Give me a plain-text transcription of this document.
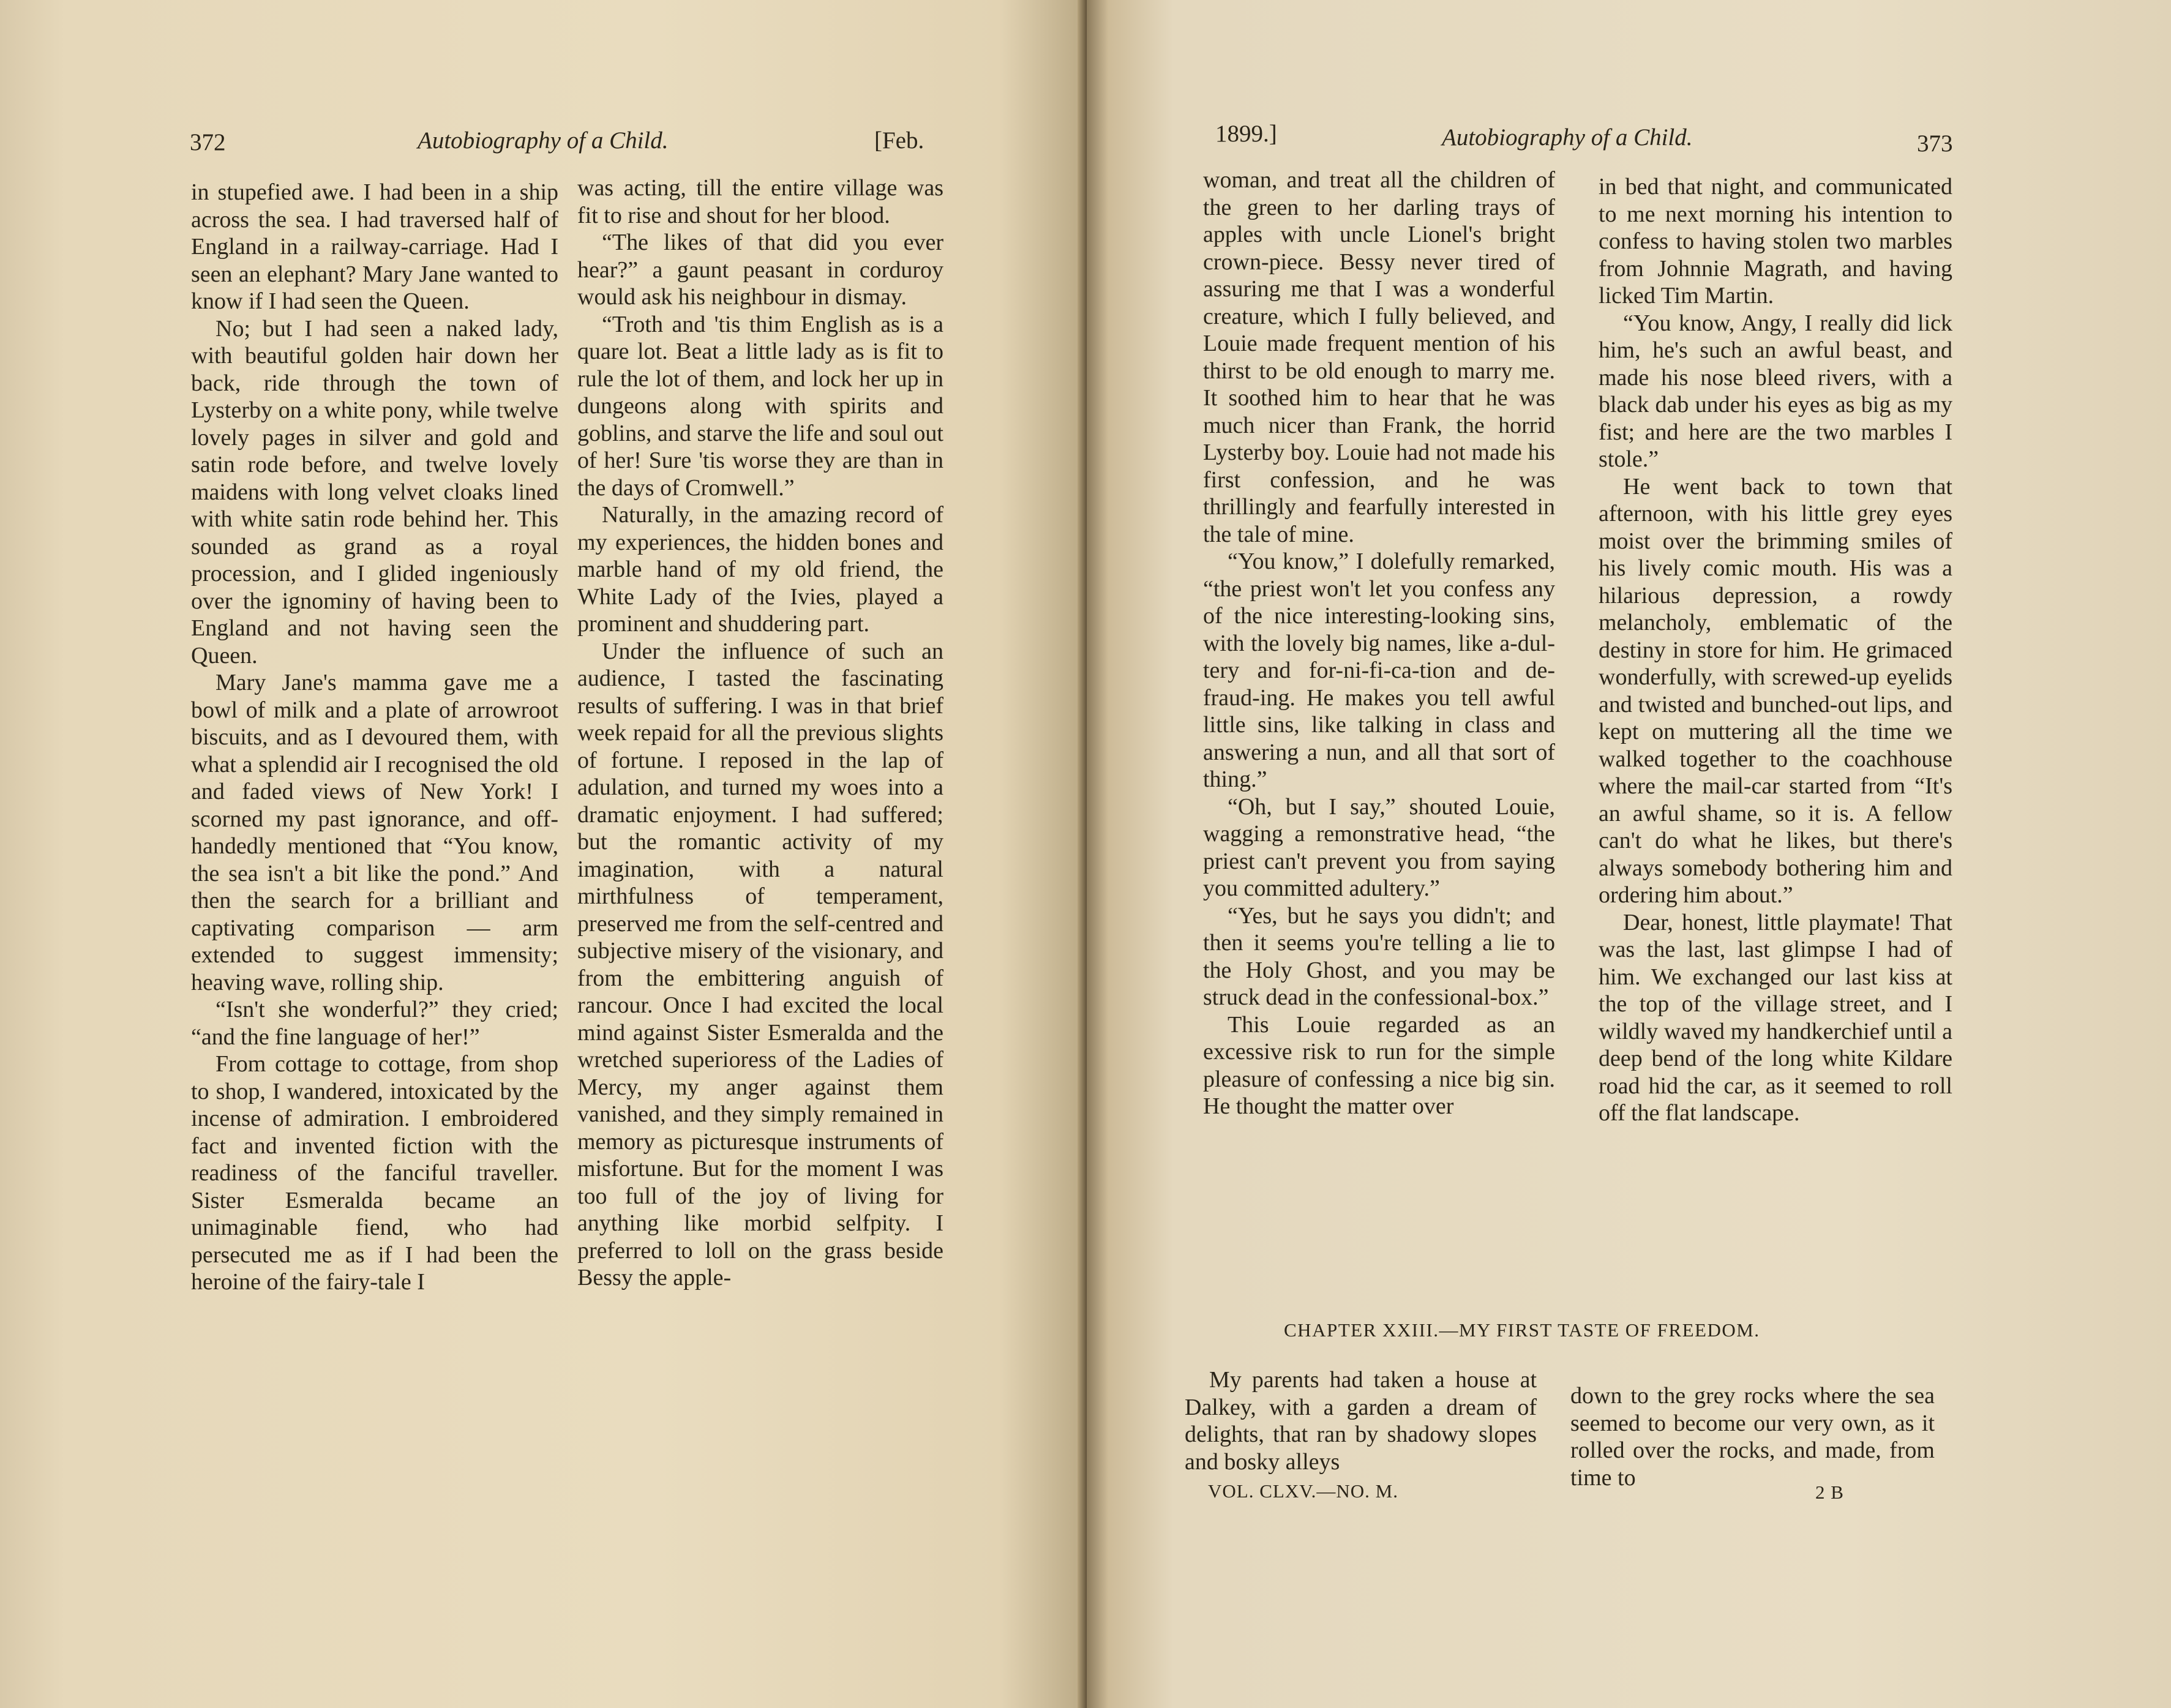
372	Autobiography of a Child.	[Feb.

in stupefied awe. I had been in a ship across the sea. I had traversed half of England in a railway-carriage. Had I seen an elephant? Mary Jane wanted to know if I had seen the Queen.

No; but I had seen a naked lady, with beautiful golden hair down her back, ride through the town of Lysterby on a white pony, while twelve lovely pages in silver and gold and satin rode before, and twelve lovely maidens with long velvet cloaks lined with white satin rode behind her. This sounded as grand as a royal procession, and I glided ingeniously over the ignominy of having been to England and not having seen the Queen.

Mary Jane's mamma gave me a bowl of milk and a plate of arrowroot biscuits, and as I devoured them, with what a splendid air I recognised the old and faded views of New York! I scorned my past ignorance, and off-handedly mentioned that “You know, the sea isn't a bit like the pond.” And then the search for a brilliant and captivating comparison — arm extended to suggest immensity; heaving wave, rolling ship.

“Isn't she wonderful?” they cried; “and the fine language of her!”

From cottage to cottage, from shop to shop, I wandered, intoxicated by the incense of admiration. I embroidered fact and invented fiction with the readiness of the fanciful traveller. Sister Esmeralda became an unimaginable fiend, who had persecuted me as if I had been the heroine of the fairy-tale I

was acting, till the entire village was fit to rise and shout for her blood.

“The likes of that did you ever hear?” a gaunt peasant in corduroy would ask his neighbour in dismay.

“Troth and 'tis thim English as is a quare lot. Beat a little lady as is fit to rule the lot of them, and lock her up in dungeons along with spirits and goblins, and starve the life and soul out of her! Sure 'tis worse they are than in the days of Cromwell.”

Naturally, in the amazing record of my experiences, the hidden bones and marble hand of my old friend, the White Lady of the Ivies, played a prominent and shuddering part.

Under the influence of such an audience, I tasted the fascinating results of suffering. I was in that brief week repaid for all the previous slights of fortune. I reposed in the lap of adulation, and turned my woes into a dramatic enjoyment. I had suffered; but the romantic activity of my imagination, with a natural mirthfulness of temperament, preserved me from the self-centred and subjective misery of the visionary, and from the embittering anguish of rancour. Once I had excited the local mind against Sister Esmeralda and the wretched superioress of the Ladies of Mercy, my anger against them vanished, and they simply remained in memory as picturesque instruments of misfortune. But for the moment I was too full of the joy of living for anything like morbid selfpity. I preferred to loll on the grass beside Bessy the apple-

1899.]	Autobiography of a Child.	373

woman, and treat all the children of the green to her darling trays of apples with uncle Lionel's bright crown-piece. Bessy never tired of assuring me that I was a wonderful creature, which I fully believed, and Louie made frequent mention of his thirst to be old enough to marry me. It soothed him to hear that he was much nicer than Frank, the horrid Lysterby boy. Louie had not made his first confession, and he was thrillingly and fearfully interested in the tale of mine.

“You know,” I dolefully remarked, “the priest won't let you confess any of the nice interesting-looking sins, with the lovely big names, like a-dul-tery and for-ni-fi-ca-tion and de-fraud-ing. He makes you tell awful little sins, like talking in class and answering a nun, and all that sort of thing.”

“Oh, but I say,” shouted Louie, wagging a remonstrative head, “the priest can't prevent you from saying you committed adultery.”

“Yes, but he says you didn't; and then it seems you're telling a lie to the Holy Ghost, and you may be struck dead in the confessional-box.”

This Louie regarded as an excessive risk to run for the simple pleasure of confessing a nice big sin. He thought the matter over

in bed that night, and communicated to me next morning his intention to confess to having stolen two marbles from Johnnie Magrath, and having licked Tim Martin.

“You know, Angy, I really did lick him, he's such an awful beast, and made his nose bleed rivers, with a black dab under his eyes as big as my fist; and here are the two marbles I stole.”

He went back to town that afternoon, with his little grey eyes moist over the brimming smiles of his lively comic mouth. His was a hilarious depression, a rowdy melancholy, emblematic of the destiny in store for him. He grimaced wonderfully, with screwed-up eyelids and twisted and bunched-out lips, and kept on muttering all the time we walked together to the coachhouse where the mail-car started from “It's an awful shame, so it is. A fellow can't do what he likes, but there's always somebody bothering him and ordering him about.”

Dear, honest, little playmate! That was the last, last glimpse I had of him. We exchanged our last kiss at the top of the village street, and I wildly waved my handkerchief until a deep bend of the long white Kildare road hid the car, as it seemed to roll off the flat landscape.

CHAPTER XXIII.—MY FIRST TASTE OF FREEDOM.

My parents had taken a house at Dalkey, with a garden a dream of delights, that ran by shadowy slopes and bosky alleys

down to the grey rocks where the sea seemed to become our very own, as it rolled over the rocks, and made, from time to

VOL. CLXV.—NO. M.	2 B
